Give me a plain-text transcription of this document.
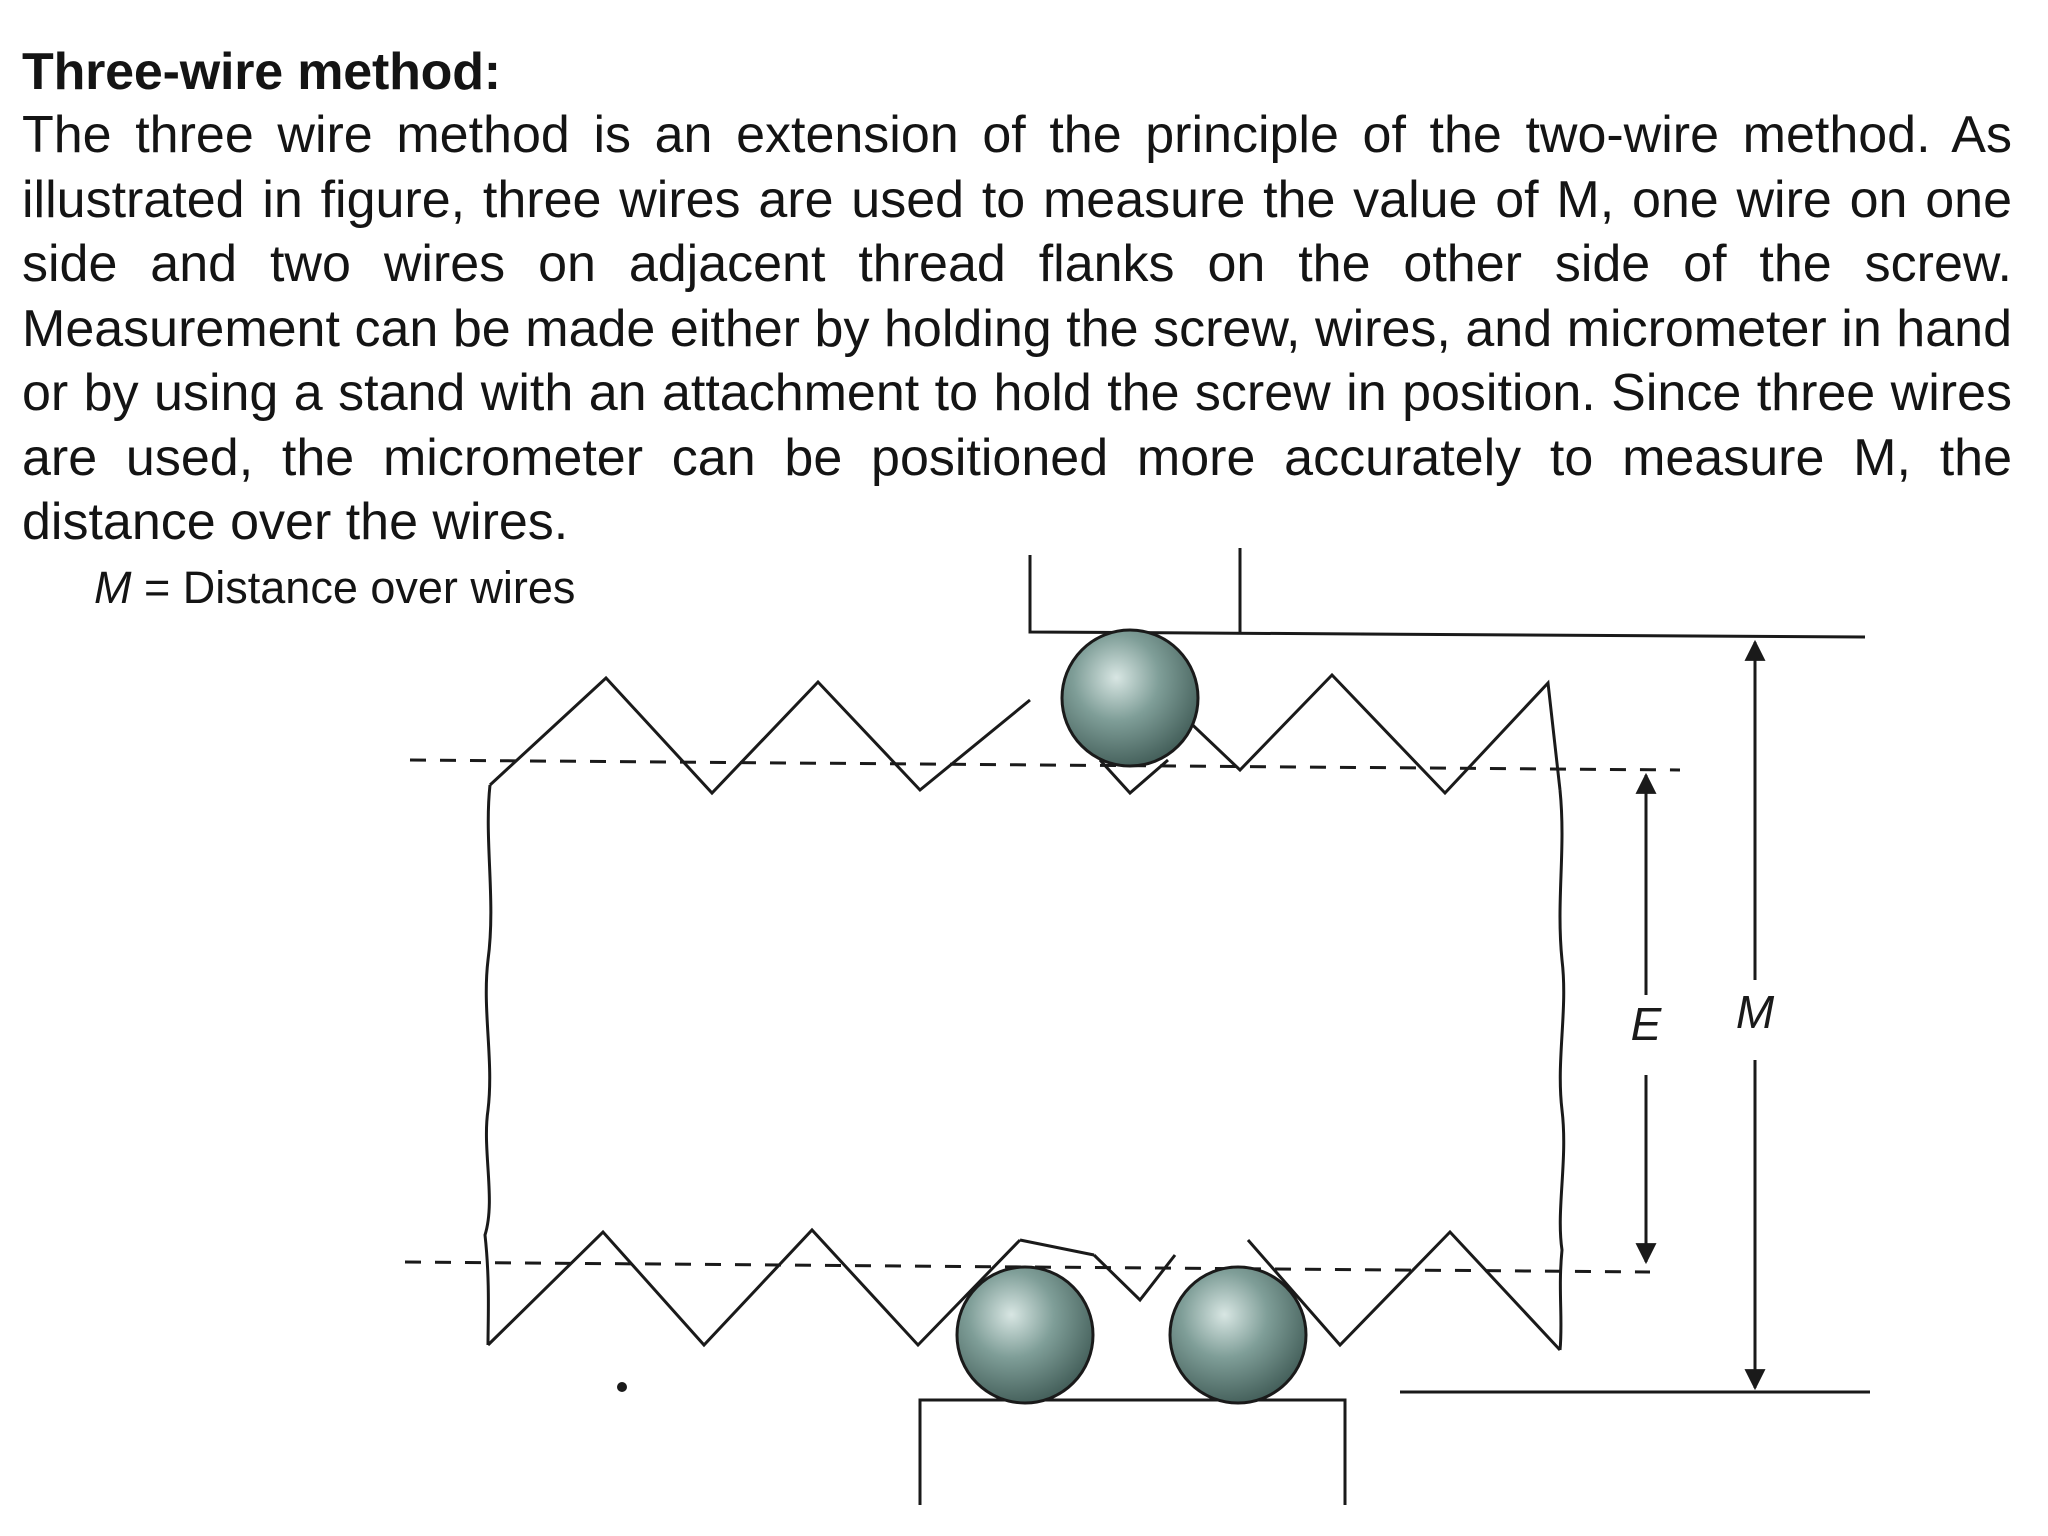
Three-wire method:
The three wire method is an extension of the principle of the two-wire method. As illustrated in figure, three wires are used to measure the value of M, one wire on one side and two wires on adjacent thread flanks on the other side of the screw. Measurement can be made either by holding the screw, wires, and micrometer in hand or by using a stand with an attachment to hold the screw in position. Since three wires are used, the micrometer can be positioned more accurately to measure M, the distance over the wires.
M = Distance over wires
E M
